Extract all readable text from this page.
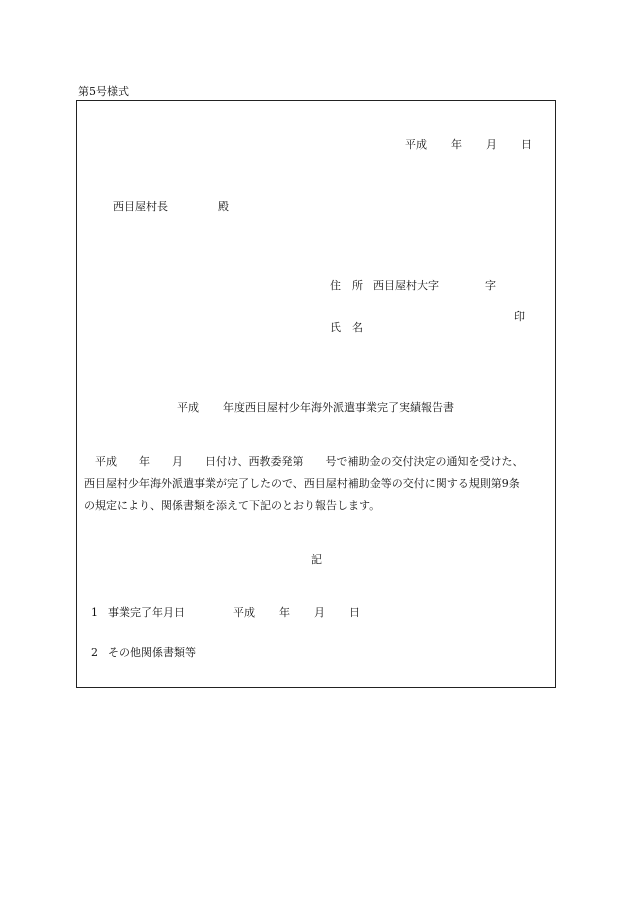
第5号様式

平成 年 月 日

西目屋村長	殿

住　所 西目屋村大字	字

氏　名

印

平成 年度西目屋村少年海外派遣事業完了実績報告書

　平成　　年　　月　　日付け、西教委発第　　号で補助金の交付決定の通知を受けた、
西目屋村少年海外派遣事業が完了したので、西目屋村補助金等の交付に関する規則第9条
の規定により、関係書類を添えて下記のとおり報告します。
記

1 事業完了年月日	平成 年 月 日

2 その他関係書類等
